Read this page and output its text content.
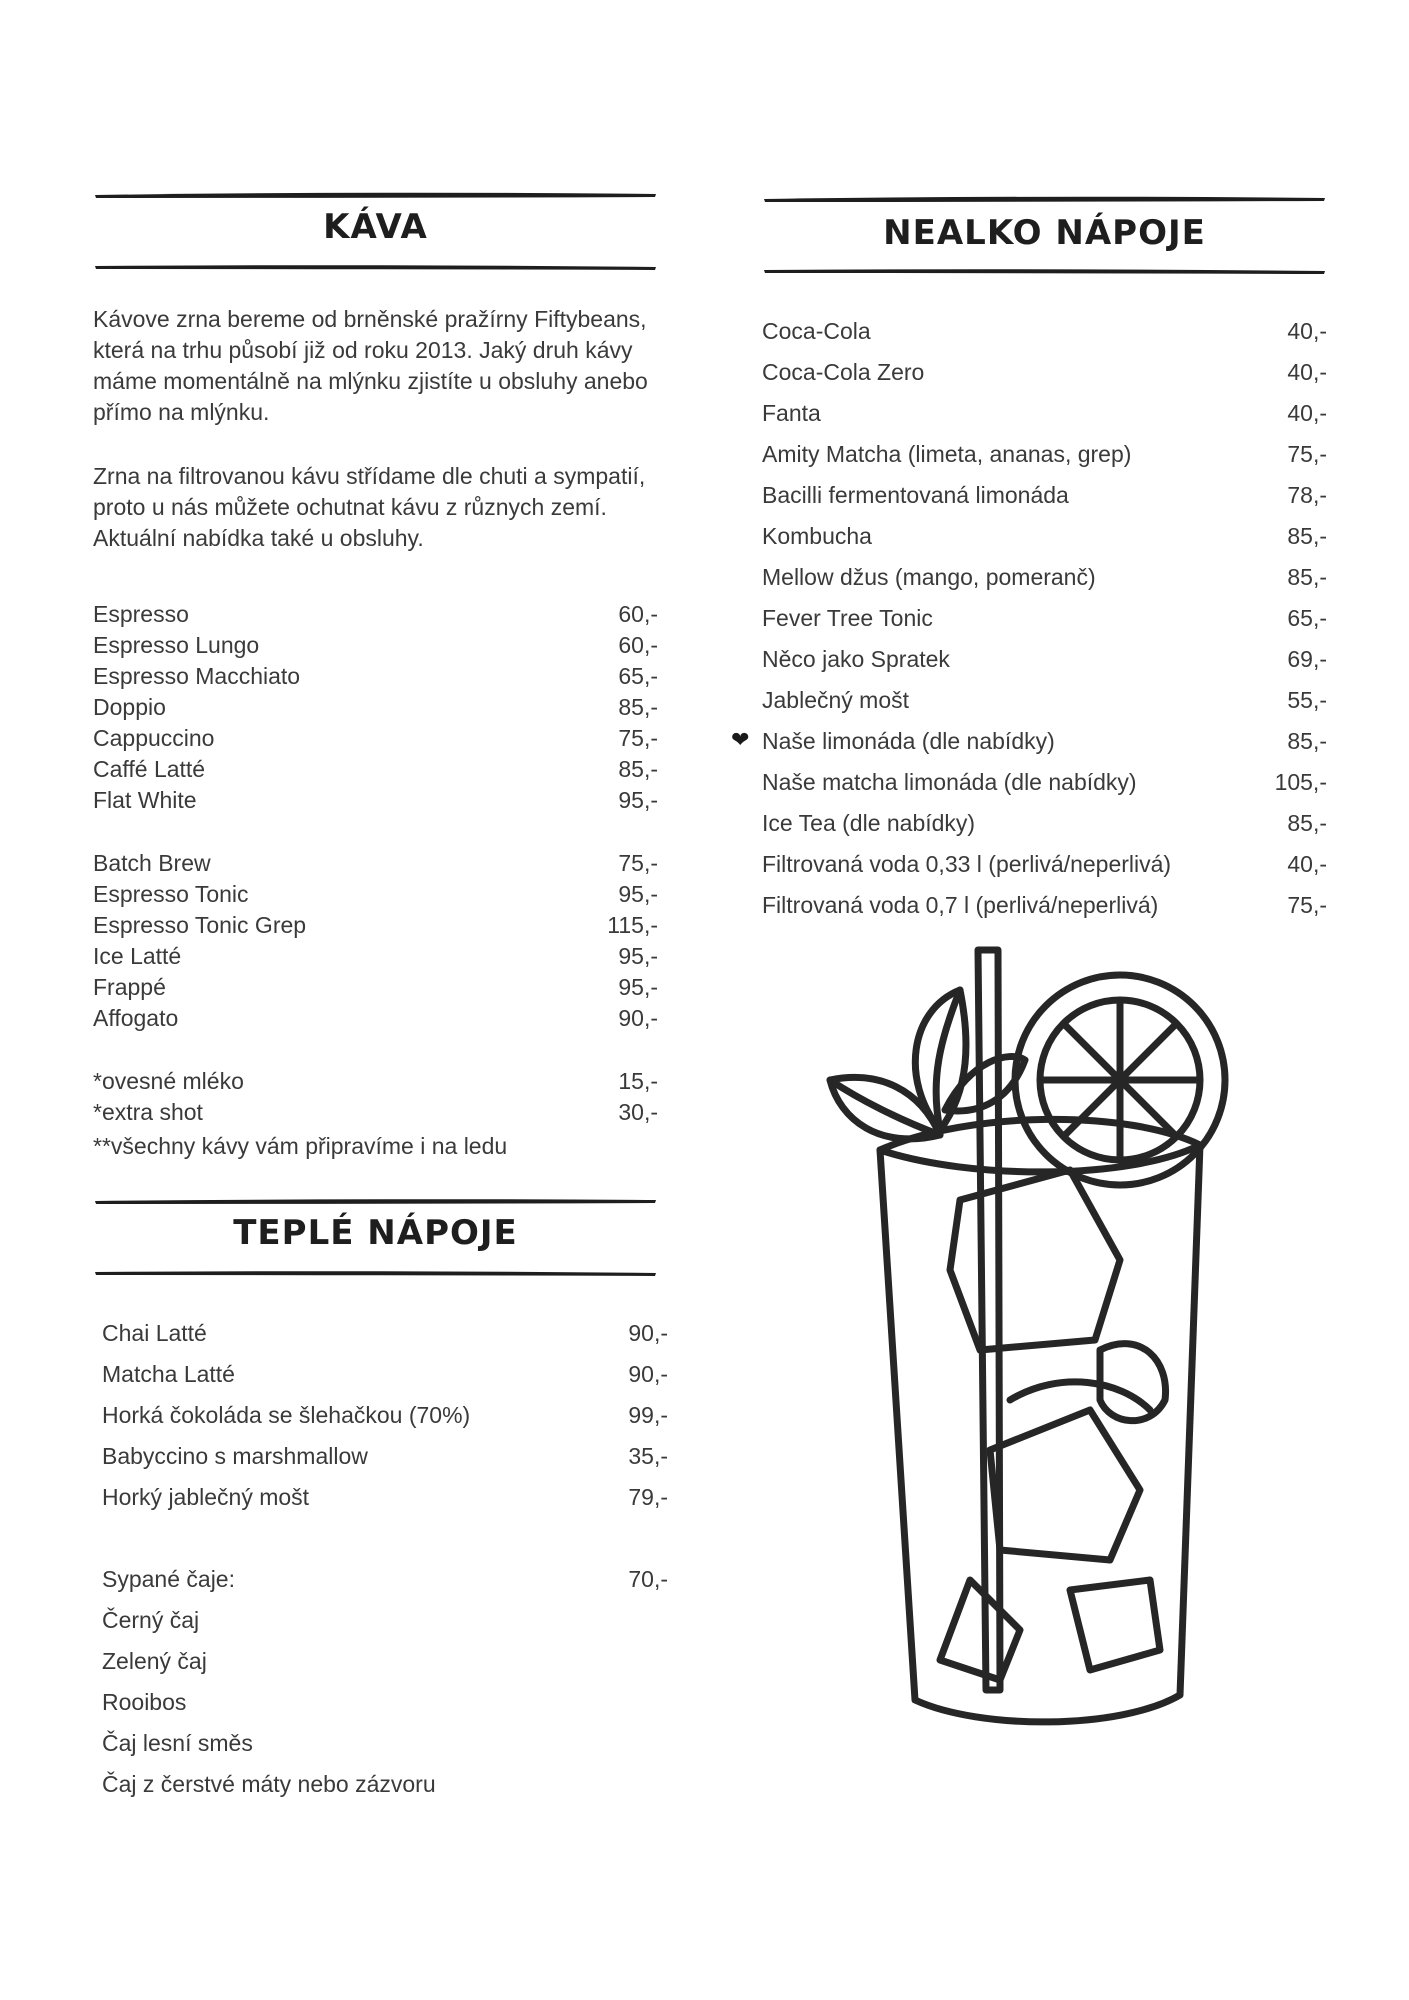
KÁVA
Kávove zrna bereme od brněnské pražírny Fiftybeans,
která na trhu působí již od roku 2013. Jaký druh kávy
máme momentálně na mlýnku zjistíte u obsluhy anebo
přímo na mlýnku.
Zrna na filtrovanou kávu střídame dle chuti a sympatií,
proto u nás můžete ochutnat kávu z různych zemí.
Aktuální nabídka také u obsluhy.
Espresso	60,-
Espresso Lungo	60,-
Espresso Macchiato	65,-
Doppio	85,-
Cappuccino	75,-
Caffé Latté	85,-
Flat White	95,-
Batch Brew	75,-
Espresso Tonic	95,-
Espresso Tonic Grep	115,-
Ice Latté	95,-
Frappé	95,-
Affogato	90,-
*ovesné mléko	15,-
*extra shot	30,-
**všechny kávy vám připravíme i na ledu
TEPLÉ NÁPOJE
Chai Latté	90,-
Matcha Latté	90,-
Horká čokoláda se šlehačkou (70%)	99,-
Babyccino s marshmallow	35,-
Horký jablečný mošt	79,-
Sypané čaje:	70,-
Černý čaj
Zelený čaj
Rooibos
Čaj lesní směs
Čaj z čerstvé máty nebo zázvoru
NEALKO NÁPOJE
Coca-Cola	40,-
Coca-Cola Zero	40,-
Fanta	40,-
Amity Matcha (limeta, ananas, grep)	75,-
Bacilli fermentovaná limonáda	78,-
Kombucha	85,-
Mellow džus (mango, pomeranč)	85,-
Fever Tree Tonic	65,-
Něco jako Spratek	69,-
Jablečný mošt	55,-
❤ Naše limonáda (dle nabídky)	85,-
Naše matcha limonáda (dle nabídky)	105,-
Ice Tea (dle nabídky)	85,-
Filtrovaná voda 0,33 l (perlivá/neperlivá)	40,-
Filtrovaná voda 0,7 l (perlivá/neperlivá)	75,-
